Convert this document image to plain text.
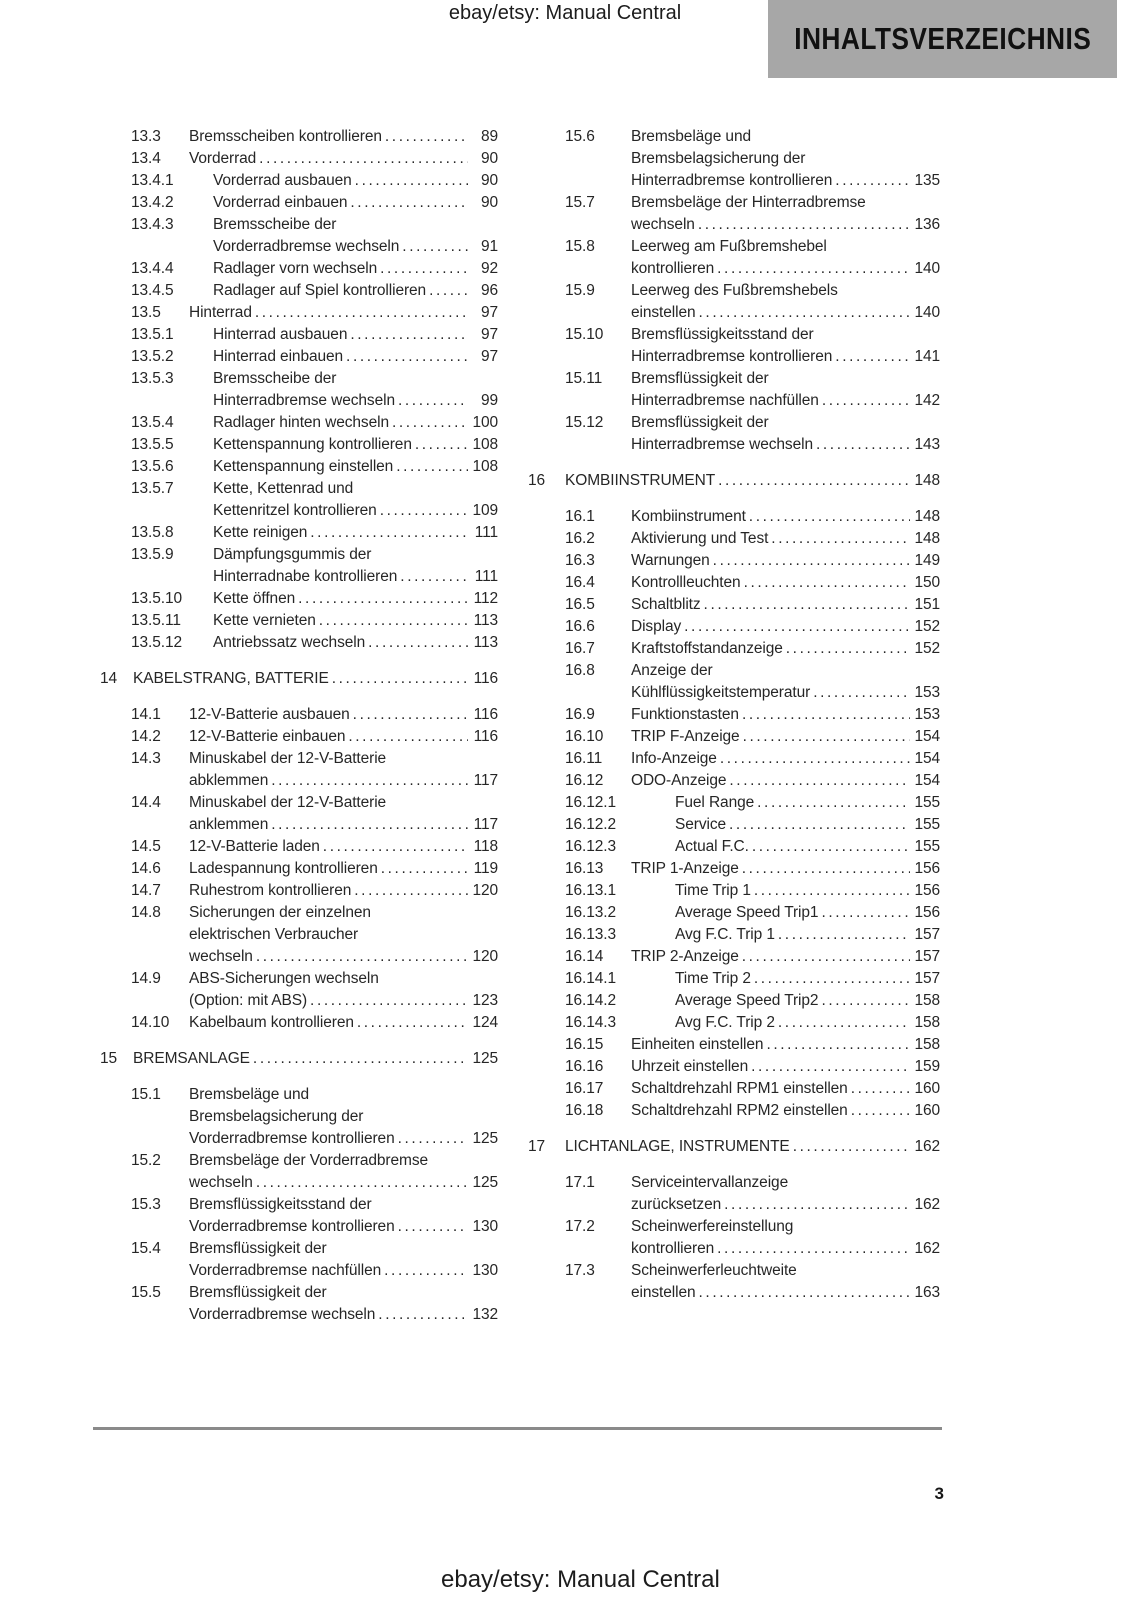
ebay/etsy: Manual Central
INHALTSVERZEICHNIS
13.3	Bremsscheiben kontrollieren .....	89
13.4	Vorderrad .....	90
13.4.1	Vorderrad ausbauen .....	90
13.4.2	Vorderrad einbauen .....	90
13.4.3	Bremsscheibe der
Vorderradbremse wechseln .....	91
13.4.4	Radlager vorn wechseln .....	92
13.4.5	Radlager auf Spiel kontrollieren .....	96
13.5	Hinterrad .....	97
13.5.1	Hinterrad ausbauen .....	97
13.5.2	Hinterrad einbauen .....	97
13.5.3	Bremsscheibe der
Hinterradbremse wechseln .....	99
13.5.4	Radlager hinten wechseln .....	100
13.5.5	Kettenspannung kontrollieren .....	108
13.5.6	Kettenspannung einstellen .....	108
13.5.7	Kette, Kettenrad und
Kettenritzel kontrollieren .....	109
13.5.8	Kette reinigen .....	111
13.5.9	Dämpfungsgummis der
Hinterradnabe kontrollieren .....	111
13.5.10	Kette öffnen .....	112
13.5.11	Kette vernieten .....	113
13.5.12	Antriebssatz wechseln .....	113
14	KABELSTRANG, BATTERIE .....	116
14.1	12-V-Batterie ausbauen .....	116
14.2	12-V-Batterie einbauen .....	116
14.3	Minuskabel der 12-V-Batterie
abklemmen .....	117
14.4	Minuskabel der 12-V-Batterie
anklemmen .....	117
14.5	12-V-Batterie laden .....	118
14.6	Ladespannung kontrollieren .....	119
14.7	Ruhestrom kontrollieren .....	120
14.8	Sicherungen der einzelnen
elektrischen Verbraucher
wechseln .....	120
14.9	ABS-Sicherungen wechseln
(Option: mit ABS) .....	123
14.10	Kabelbaum kontrollieren .....	124
15	BREMSANLAGE .....	125
15.1	Bremsbeläge und
Bremsbelagsicherung der
Vorderradbremse kontrollieren .....	125
15.2	Bremsbeläge der Vorderradbremse
wechseln .....	125
15.3	Bremsflüssigkeitsstand der
Vorderradbremse kontrollieren .....	130
15.4	Bremsflüssigkeit der
Vorderradbremse nachfüllen .....	130
15.5	Bremsflüssigkeit der
Vorderradbremse wechseln .....	132
15.6	Bremsbeläge und
Bremsbelagsicherung der
Hinterradbremse kontrollieren .....	135
15.7	Bremsbeläge der Hinterradbremse
wechseln .....	136
15.8	Leerweg am Fußbremshebel
kontrollieren .....	140
15.9	Leerweg des Fußbremshebels
einstellen .....	140
15.10	Bremsflüssigkeitsstand der
Hinterradbremse kontrollieren .....	141
15.11	Bremsflüssigkeit der
Hinterradbremse nachfüllen .....	142
15.12	Bremsflüssigkeit der
Hinterradbremse wechseln .....	143
16	KOMBIINSTRUMENT .....	148
16.1	Kombiinstrument .....	148
16.2	Aktivierung und Test .....	148
16.3	Warnungen .....	149
16.4	Kontrollleuchten .....	150
16.5	Schaltblitz .....	151
16.6	Display .....	152
16.7	Kraftstoffstandanzeige .....	152
16.8	Anzeige der
Kühlflüssigkeitstemperatur .....	153
16.9	Funktionstasten .....	153
16.10	TRIP F-Anzeige .....	154
16.11	Info-Anzeige .....	154
16.12	ODO-Anzeige .....	154
16.12.1	Fuel Range .....	155
16.12.2	Service .....	155
16.12.3	Actual F.C. .....	155
16.13	TRIP 1-Anzeige .....	156
16.13.1	Time Trip 1 .....	156
16.13.2	Average Speed Trip1 .....	156
16.13.3	Avg F.C. Trip 1 .....	157
16.14	TRIP 2-Anzeige .....	157
16.14.1	Time Trip 2 .....	157
16.14.2	Average Speed Trip2 .....	158
16.14.3	Avg F.C. Trip 2 .....	158
16.15	Einheiten einstellen .....	158
16.16	Uhrzeit einstellen .....	159
16.17	Schaltdrehzahl RPM1 einstellen .....	160
16.18	Schaltdrehzahl RPM2 einstellen .....	160
17	LICHTANLAGE, INSTRUMENTE .....	162
17.1	Serviceintervallanzeige
zurücksetzen .....	162
17.2	Scheinwerfereinstellung
kontrollieren .....	162
17.3	Scheinwerferleuchtweite
einstellen .....	163
3
ebay/etsy: Manual Central
